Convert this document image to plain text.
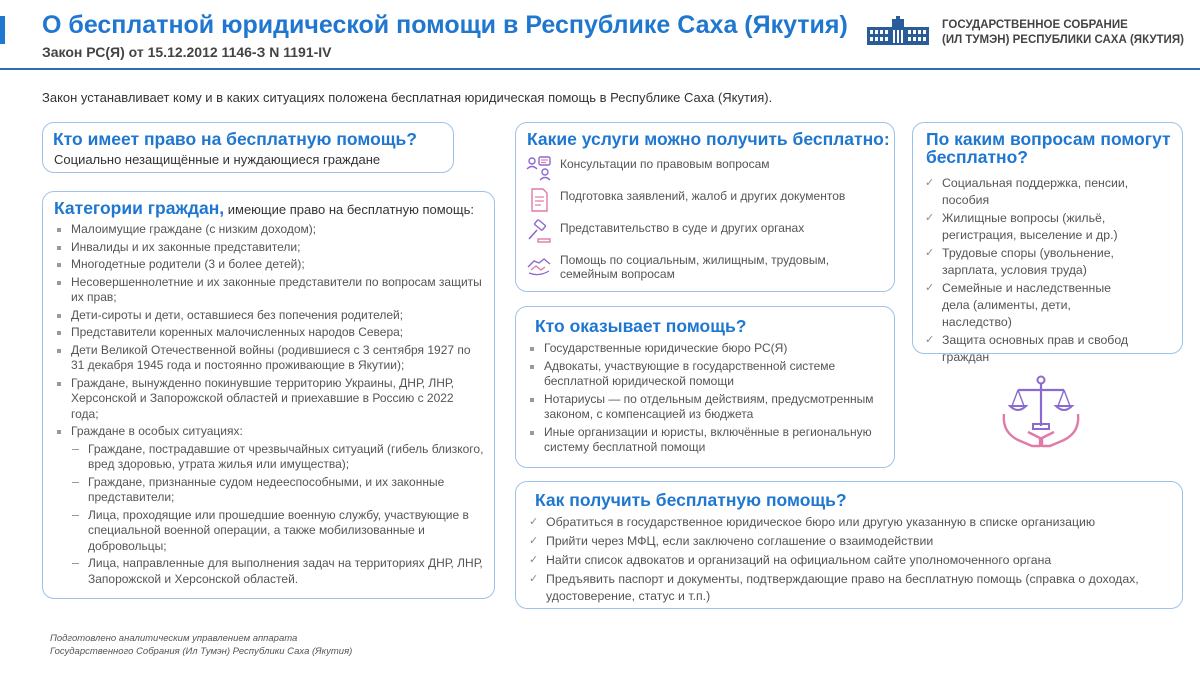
О бесплатной юридической помощи в Республике Саха (Якутия)
Закон РС(Я) от 15.12.2012 1146-З N 1191-IV
ГОСУДАРСТВЕННОЕ СОБРАНИЕ
(ИЛ ТУМЭН) РЕСПУБЛИКИ САХА (ЯКУТИЯ)
Закон устанавливает кому и в каких ситуациях положена бесплатная юридическая помощь в Республике Саха (Якутия).
Кто имеет право на бесплатную помощь?
Социально незащищённые и нуждающиеся граждане
Категории граждан, имеющие право на бесплатную помощь:
Малоимущие граждане (с низким доходом);
Инвалиды и их законные представители;
Многодетные родители (3 и более детей);
Несовершеннолетние и их законные представители по вопросам защиты их прав;
Дети-сироты и дети, оставшиеся без попечения родителей;
Представители коренных малочисленных народов Севера;
Дети Великой Отечественной войны (родившиеся с 3 сентября 1927 по 31 декабря 1945 года и постоянно проживающие в Якутии);
Граждане, вынужденно покинувшие территорию Украины, ДНР, ЛНР, Херсонской и Запорожской областей и приехавшие в Россию с 2022 года;
Граждане в особых ситуациях:
Граждане, пострадавшие от чрезвычайных ситуаций (гибель близкого, вред здоровью, утрата жилья или имущества);
Граждане, признанные судом недееспособными, и их законные представители;
Лица, проходящие или прошедшие военную службу, участвующие в специальной военной операции, а также мобилизованные и добровольцы;
Лица, направленные для выполнения задач на территориях ДНР, ЛНР, Запорожской и Херсонской областей.
Какие услуги можно получить бесплатно:
Консультации по правовым вопросам
Подготовка заявлений, жалоб и других документов
Представительство в суде и других органах
Помощь по социальным, жилищным, трудовым, семейным вопросам
По каким вопросам помогут
бесплатно?
✓ Социальная поддержка, пенсии, пособия
✓ Жилищные вопросы (жильё, регистрация, выселение и др.)
✓ Трудовые споры (увольнение, зарплата, условия труда)
✓ Семейные и наследственные дела (алименты, дети, наследство)
✓ Защита основных прав и свобод граждан
Кто оказывает помощь?
Государственные юридические бюро РС(Я)
Адвокаты, участвующие в государственной системе бесплатной юридической помощи
Нотариусы — по отдельным действиям, предусмотренным законом, с компенсацией из бюджета
Иные организации и юристы, включённые в региональную систему бесплатной помощи
Как получить бесплатную помощь?
✓ Обратиться в государственное юридическое бюро или другую указанную в списке организацию
✓ Прийти через МФЦ, если заключено соглашение о взаимодействии
✓ Найти список адвокатов и организаций на официальном сайте уполномоченного органа
✓ Предъявить паспорт и документы, подтверждающие право на бесплатную помощь (справка о доходах, удостоверение, статус и т.п.)
Подготовлено аналитическим управлением аппарата
Государственного Собрания (Ил Тумэн) Республики Саха (Якутия)
